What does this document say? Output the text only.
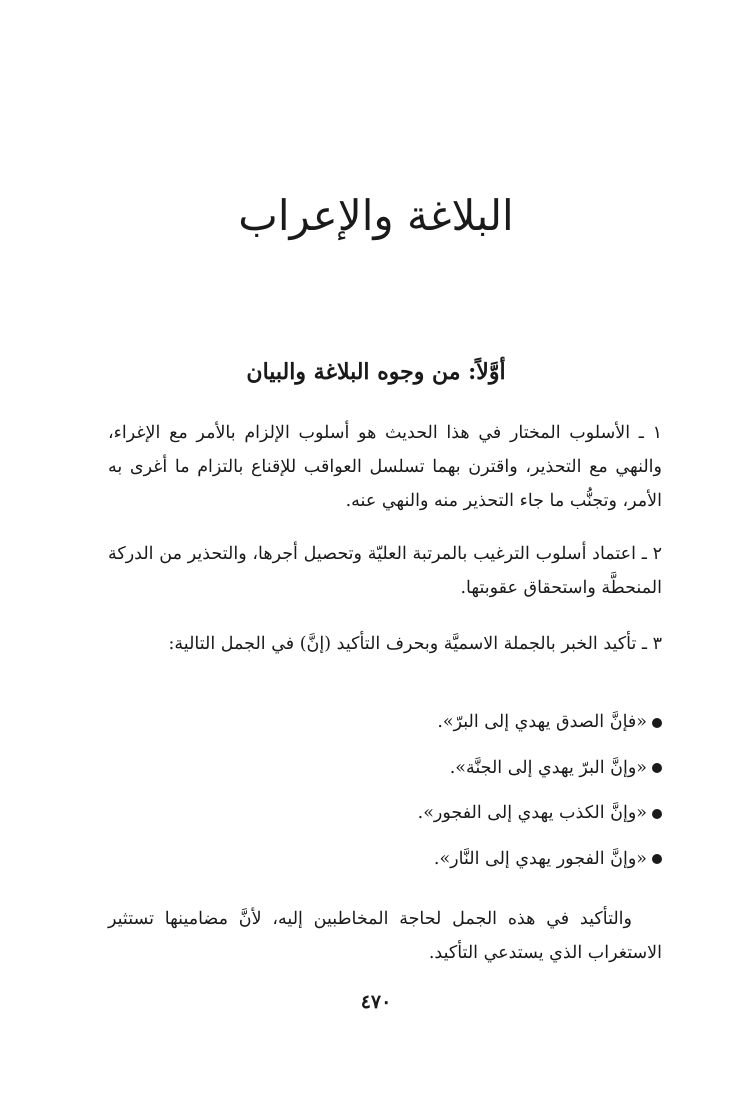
البلاغة والإعراب
أوَّلاً: من وجوه البلاغة والبيان

١ ـ الأسلوب المختار في هذا الحديث هو أسلوب الإلزام بالأمر مع الإغراء، والنهي مع التحذير، واقترن بهما تسلسل العواقب للإقناع بالتزام ما أغرى به الأمر، وتجنُّب ما جاء التحذير منه والنهي عنه.

٢ ـ اعتماد أسلوب الترغيب بالمرتبة العليّة وتحصيل أجرها، والتحذير من الدركة المنحطَّة واستحقاق عقوبتها.

٣ ـ تأكيد الخبر بالجملة الاسميَّة وبحرف التأكيد (إنَّ) في الجمل التالية:

«فإنَّ الصدق يهدي إلى البرّ».
«وإنَّ البرّ يهدي إلى الجنَّة».
«وإنَّ الكذب يهدي إلى الفجور».
«وإنَّ الفجور يهدي إلى النَّار».

والتأكيد في هذه الجمل لحاجة المخاطبين إليه، لأنَّ مضامينها تستثير الاستغراب الذي يستدعي التأكيد.

٤٧٠
